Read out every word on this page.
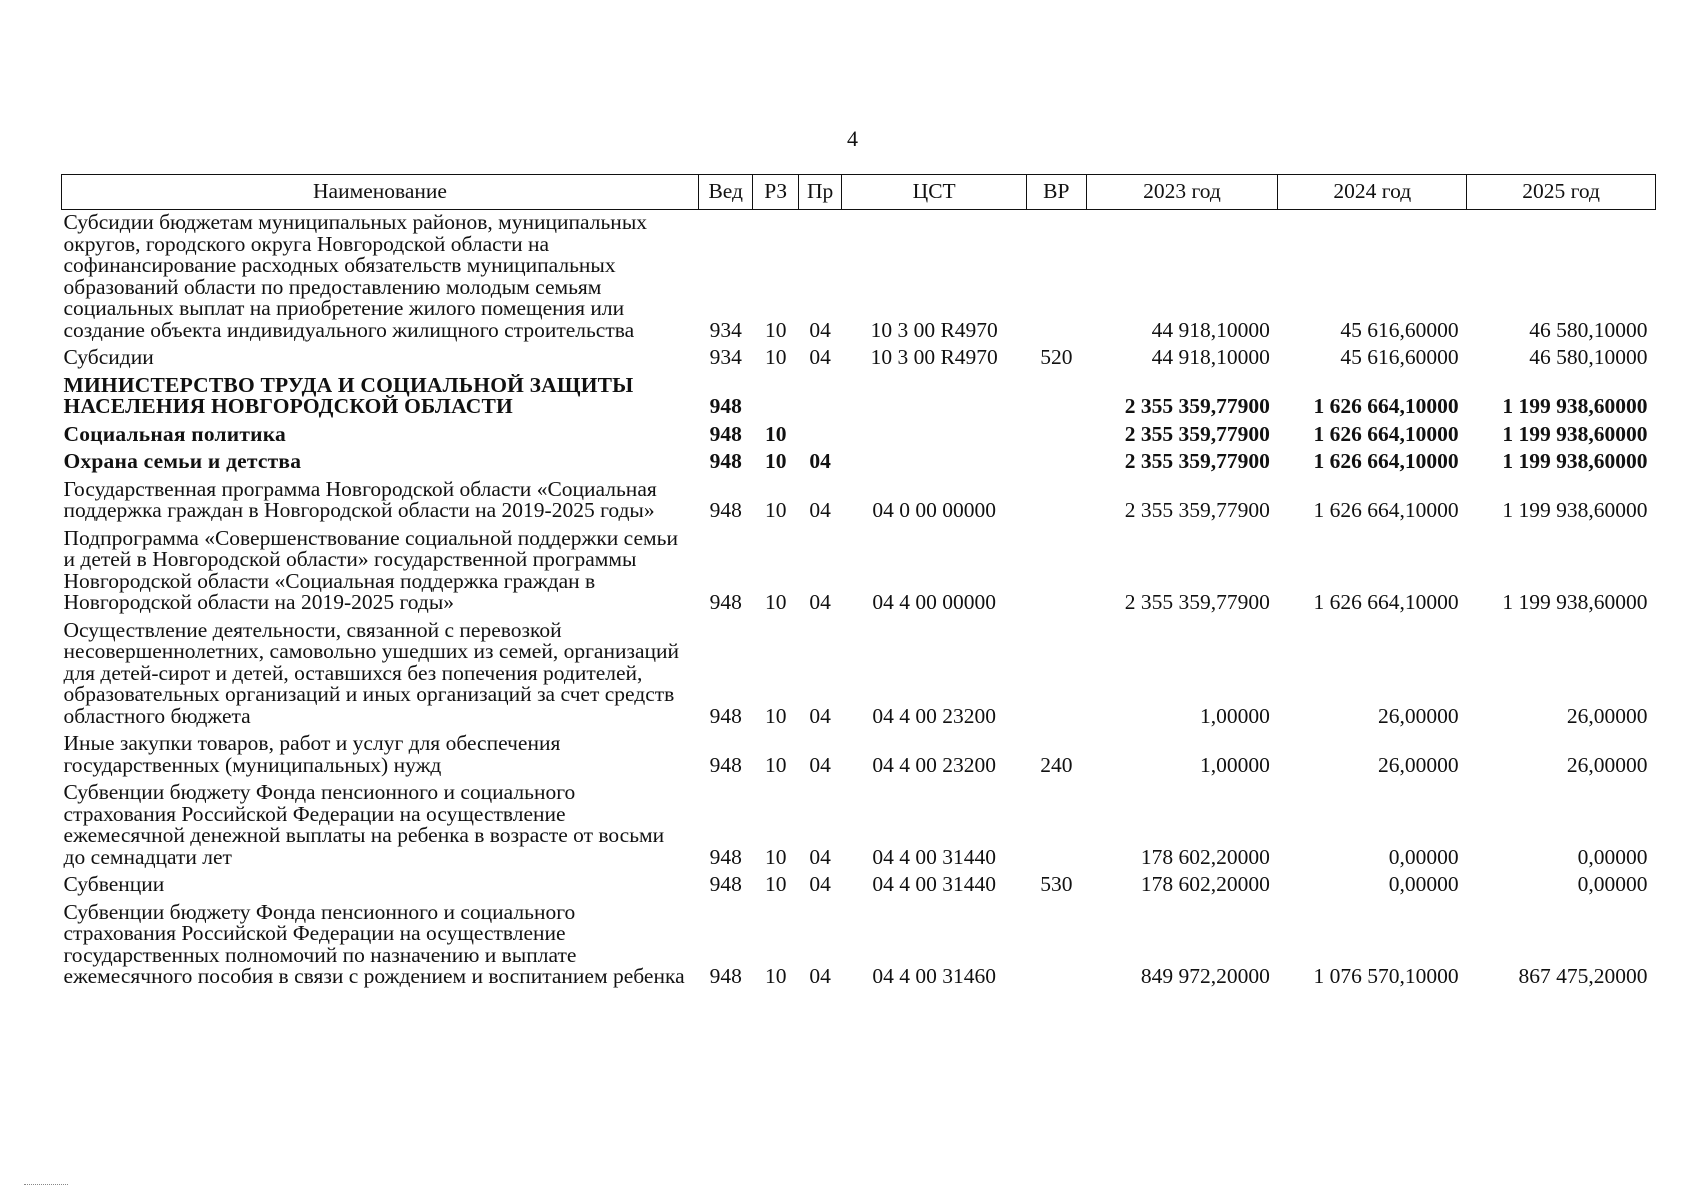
4
Наименование	Вед	РЗ	Пр	ЦСТ	ВР	2023 год	2024 год	2025 год
Субсидии бюджетам муниципальных районов, муниципальных округов, городского округа Новгородской области на софинансирование расходных обязательств муниципальных образований области по предоставлению молодым семьям социальных выплат на приобретение жилого помещения или создание объекта индивидуального жилищного строительства	934	10	04	10 3 00 R4970		44 918,10000	45 616,60000	46 580,10000
Субсидии	934	10	04	10 3 00 R4970	520	44 918,10000	45 616,60000	46 580,10000
МИНИСТЕРСТВО ТРУДА И СОЦИАЛЬНОЙ ЗАЩИТЫ НАСЕЛЕНИЯ НОВГОРОДСКОЙ ОБЛАСТИ	948					2 355 359,77900	1 626 664,10000	1 199 938,60000
Социальная политика	948	10				2 355 359,77900	1 626 664,10000	1 199 938,60000
Охрана семьи и детства	948	10	04			2 355 359,77900	1 626 664,10000	1 199 938,60000
Государственная программа Новгородской области «Социальная поддержка граждан в Новгородской области на 2019-2025 годы»	948	10	04	04 0 00 00000		2 355 359,77900	1 626 664,10000	1 199 938,60000
Подпрограмма «Совершенствование социальной поддержки семьи и детей в Новгородской области» государственной программы Новгородской области «Социальная поддержка граждан в Новгородской области на 2019-2025 годы»	948	10	04	04 4 00 00000		2 355 359,77900	1 626 664,10000	1 199 938,60000
Осуществление деятельности, связанной с перевозкой несовершеннолетних, самовольно ушедших из семей, организаций для детей-сирот и детей, оставшихся без попечения родителей, образовательных организаций и иных организаций за счет средств областного бюджета	948	10	04	04 4 00 23200		1,00000	26,00000	26,00000
Иные закупки товаров, работ и услуг для обеспечения государственных (муниципальных) нужд	948	10	04	04 4 00 23200	240	1,00000	26,00000	26,00000
Субвенции бюджету Фонда пенсионного и социального страхования Российской Федерации на осуществление ежемесячной денежной выплаты на ребенка в возрасте от восьми до семнадцати лет	948	10	04	04 4 00 31440		178 602,20000	0,00000	0,00000
Субвенции	948	10	04	04 4 00 31440	530	178 602,20000	0,00000	0,00000
Субвенции бюджету Фонда пенсионного и социального страхования Российской Федерации на осуществление государственных полномочий по назначению и выплате ежемесячного пособия в связи с рождением и воспитанием ребенка	948	10	04	04 4 00 31460		849 972,20000	1 076 570,10000	867 475,20000
